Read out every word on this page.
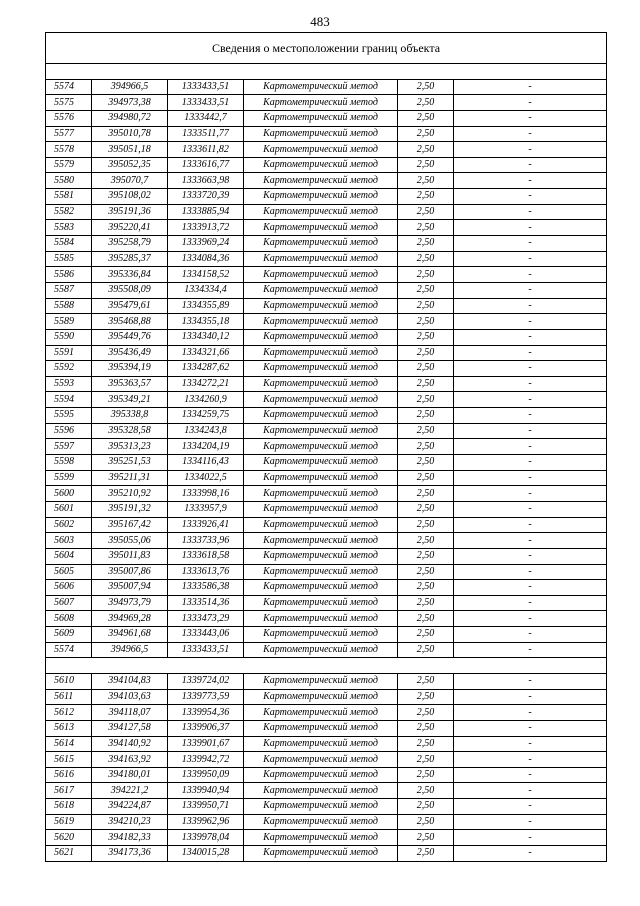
483
Сведения о местоположении границ объекта					

5574	394966,5	1333433,51	Картометрический метод	2,50	-
5575	394973,38	1333433,51	Картометрический метод	2,50	-
5576	394980,72	1333442,7	Картометрический метод	2,50	-
5577	395010,78	1333511,77	Картометрический метод	2,50	-
5578	395051,18	1333611,82	Картометрический метод	2,50	-
5579	395052,35	1333616,77	Картометрический метод	2,50	-
5580	395070,7	1333663,98	Картометрический метод	2,50	-
5581	395108,02	1333720,39	Картометрический метод	2,50	-
5582	395191,36	1333885,94	Картометрический метод	2,50	-
5583	395220,41	1333913,72	Картометрический метод	2,50	-
5584	395258,79	1333969,24	Картометрический метод	2,50	-
5585	395285,37	1334084,36	Картометрический метод	2,50	-
5586	395336,84	1334158,52	Картометрический метод	2,50	-
5587	395508,09	1334334,4	Картометрический метод	2,50	-
5588	395479,61	1334355,89	Картометрический метод	2,50	-
5589	395468,88	1334355,18	Картометрический метод	2,50	-
5590	395449,76	1334340,12	Картометрический метод	2,50	-
5591	395436,49	1334321,66	Картометрический метод	2,50	-
5592	395394,19	1334287,62	Картометрический метод	2,50	-
5593	395363,57	1334272,21	Картометрический метод	2,50	-
5594	395349,21	1334260,9	Картометрический метод	2,50	-
5595	395338,8	1334259,75	Картометрический метод	2,50	-
5596	395328,58	1334243,8	Картометрический метод	2,50	-
5597	395313,23	1334204,19	Картометрический метод	2,50	-
5598	395251,53	1334116,43	Картометрический метод	2,50	-
5599	395211,31	1334022,5	Картометрический метод	2,50	-
5600	395210,92	1333998,16	Картометрический метод	2,50	-
5601	395191,32	1333957,9	Картометрический метод	2,50	-
5602	395167,42	1333926,41	Картометрический метод	2,50	-
5603	395055,06	1333733,96	Картометрический метод	2,50	-
5604	395011,83	1333618,58	Картометрический метод	2,50	-
5605	395007,86	1333613,76	Картометрический метод	2,50	-
5606	395007,94	1333586,38	Картометрический метод	2,50	-
5607	394973,79	1333514,36	Картометрический метод	2,50	-
5608	394969,28	1333473,29	Картометрический метод	2,50	-
5609	394961,68	1333443,06	Картометрический метод	2,50	-
5574	394966,5	1333433,51	Картометрический метод	2,50	-

5610	394104,83	1339724,02	Картометрический метод	2,50	-
5611	394103,63	1339773,59	Картометрический метод	2,50	-
5612	394118,07	1339954,36	Картометрический метод	2,50	-
5613	394127,58	1339906,37	Картометрический метод	2,50	-
5614	394140,92	1339901,67	Картометрический метод	2,50	-
5615	394163,92	1339942,72	Картометрический метод	2,50	-
5616	394180,01	1339950,09	Картометрический метод	2,50	-
5617	394221,2	1339940,94	Картометрический метод	2,50	-
5618	394224,87	1339950,71	Картометрический метод	2,50	-
5619	394210,23	1339962,96	Картометрический метод	2,50	-
5620	394182,33	1339978,04	Картометрический метод	2,50	-
5621	394173,36	1340015,28	Картометрический метод	2,50	-
